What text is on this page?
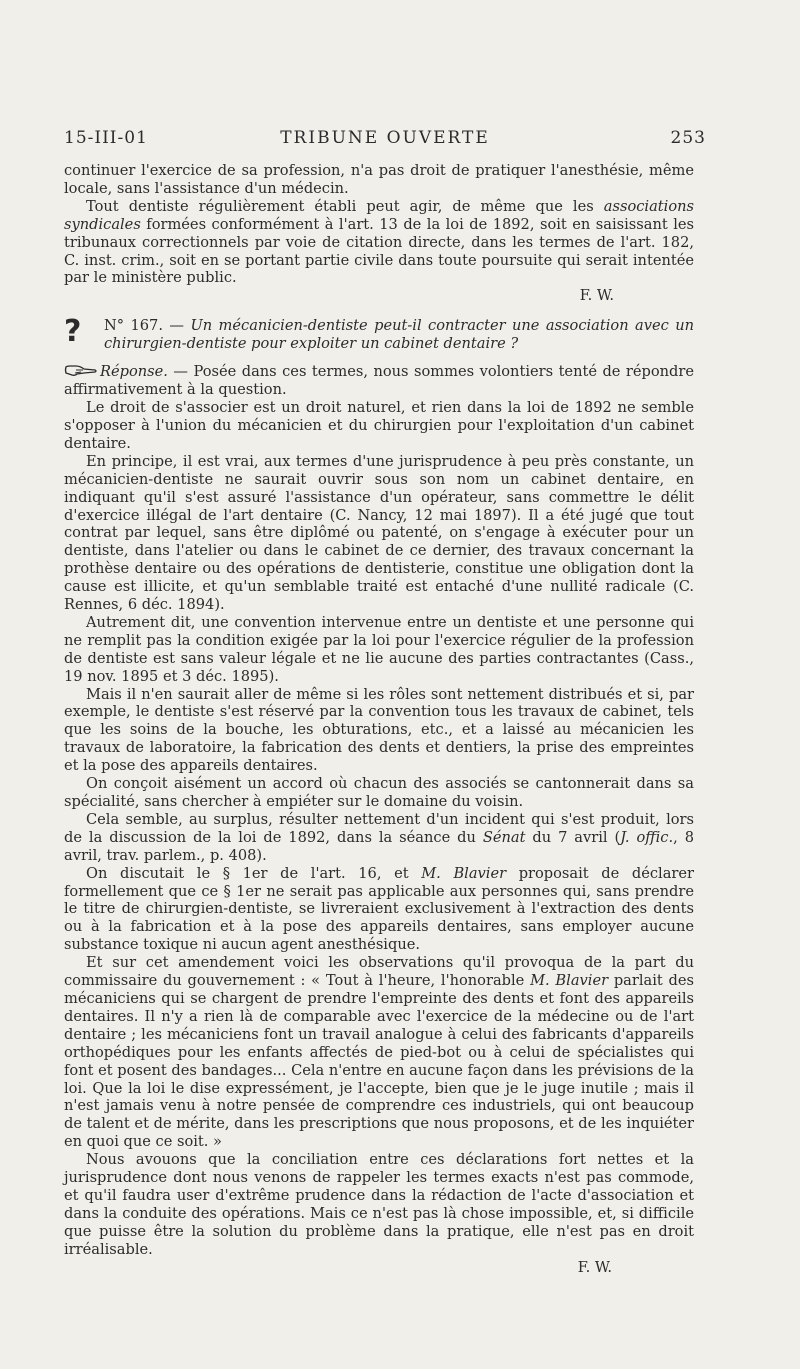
15-III-01	TRIBUNE OUVERTE	253

continuer l'exercice de sa profession, n'a pas droit de pratiquer l'anesthésie, même locale, sans l'assistance d'un médecin.

Tout dentiste régulièrement établi peut agir, de même que les associations syndicales formées conformément à l'art. 13 de la loi de 1892, soit en saisissant les tribunaux correctionnels par voie de citation directe, dans les termes de l'art. 182, C. inst. crim., soit en se portant partie civile dans toute poursuite qui serait intentée par le ministère public.

F. W.

? N° 167. — Un mécanicien-dentiste peut-il contracter une association avec un chirurgien-dentiste pour exploiter un cabinet dentaire ?

Réponse. — Posée dans ces termes, nous sommes volontiers tenté de répondre affirmativement à la question.

Le droit de s'associer est un droit naturel, et rien dans la loi de 1892 ne semble s'opposer à l'union du mécanicien et du chirurgien pour l'exploitation d'un cabinet dentaire.

En principe, il est vrai, aux termes d'une jurisprudence à peu près constante, un mécanicien-dentiste ne saurait ouvrir sous son nom un cabinet dentaire, en indiquant qu'il s'est assuré l'assistance d'un opérateur, sans commettre le délit d'exercice illégal de l'art dentaire (C. Nancy, 12 mai 1897). Il a été jugé que tout contrat par lequel, sans être diplômé ou patenté, on s'engage à exécuter pour un dentiste, dans l'atelier ou dans le cabinet de ce dernier, des travaux concernant la prothèse dentaire ou des opérations de dentisterie, constitue une obligation dont la cause est illicite, et qu'un semblable traité est entaché d'une nullité radicale (C. Rennes, 6 déc. 1894).

Autrement dit, une convention intervenue entre un dentiste et une personne qui ne remplit pas la condition exigée par la loi pour l'exercice régulier de la profession de dentiste est sans valeur légale et ne lie aucune des parties contractantes (Cass., 19 nov. 1895 et 3 déc. 1895).

Mais il n'en saurait aller de même si les rôles sont nettement distribués et si, par exemple, le dentiste s'est réservé par la convention tous les travaux de cabinet, tels que les soins de la bouche, les obturations, etc., et a laissé au mécanicien les travaux de laboratoire, la fabrication des dents et dentiers, la prise des empreintes et la pose des appareils dentaires.

On conçoit aisément un accord où chacun des associés se cantonnerait dans sa spécialité, sans chercher à empiéter sur le domaine du voisin.

Cela semble, au surplus, résulter nettement d'un incident qui s'est produit, lors de la discussion de la loi de 1892, dans la séance du Sénat du 7 avril (J. offic., 8 avril, trav. parlem., p. 408).

On discutait le § 1er de l'art. 16, et M. Blavier proposait de déclarer formellement que ce § 1er ne serait pas applicable aux personnes qui, sans prendre le titre de chirurgien-dentiste, se livreraient exclusivement à l'extraction des dents ou à la fabrication et à la pose des appareils dentaires, sans employer aucune substance toxique ni aucun agent anesthésique.

Et sur cet amendement voici les observations qu'il provoqua de la part du commissaire du gouvernement : « Tout à l'heure, l'honorable M. Blavier parlait des mécaniciens qui se chargent de prendre l'empreinte des dents et font des appareils dentaires. Il n'y a rien là de comparable avec l'exercice de la médecine ou de l'art dentaire ; les mécaniciens font un travail analogue à celui des fabricants d'appareils orthopédiques pour les enfants affectés de pied-bot ou à celui de spécialistes qui font et posent des bandages... Cela n'entre en aucune façon dans les prévisions de la loi. Que la loi le dise expressément, je l'accepte, bien que je le juge inutile ; mais il n'est jamais venu à notre pensée de comprendre ces industriels, qui ont beaucoup de talent et de mérite, dans les prescriptions que nous proposons, et de les inquiéter en quoi que ce soit. »

Nous avouons que la conciliation entre ces déclarations fort nettes et la jurisprudence dont nous venons de rappeler les termes exacts n'est pas commode, et qu'il faudra user d'extrême prudence dans la rédaction de l'acte d'association et dans la conduite des opérations. Mais ce n'est pas là chose impossible, et, si difficile que puisse être la solution du problème dans la pratique, elle n'est pas en droit irréalisable.

F. W.
